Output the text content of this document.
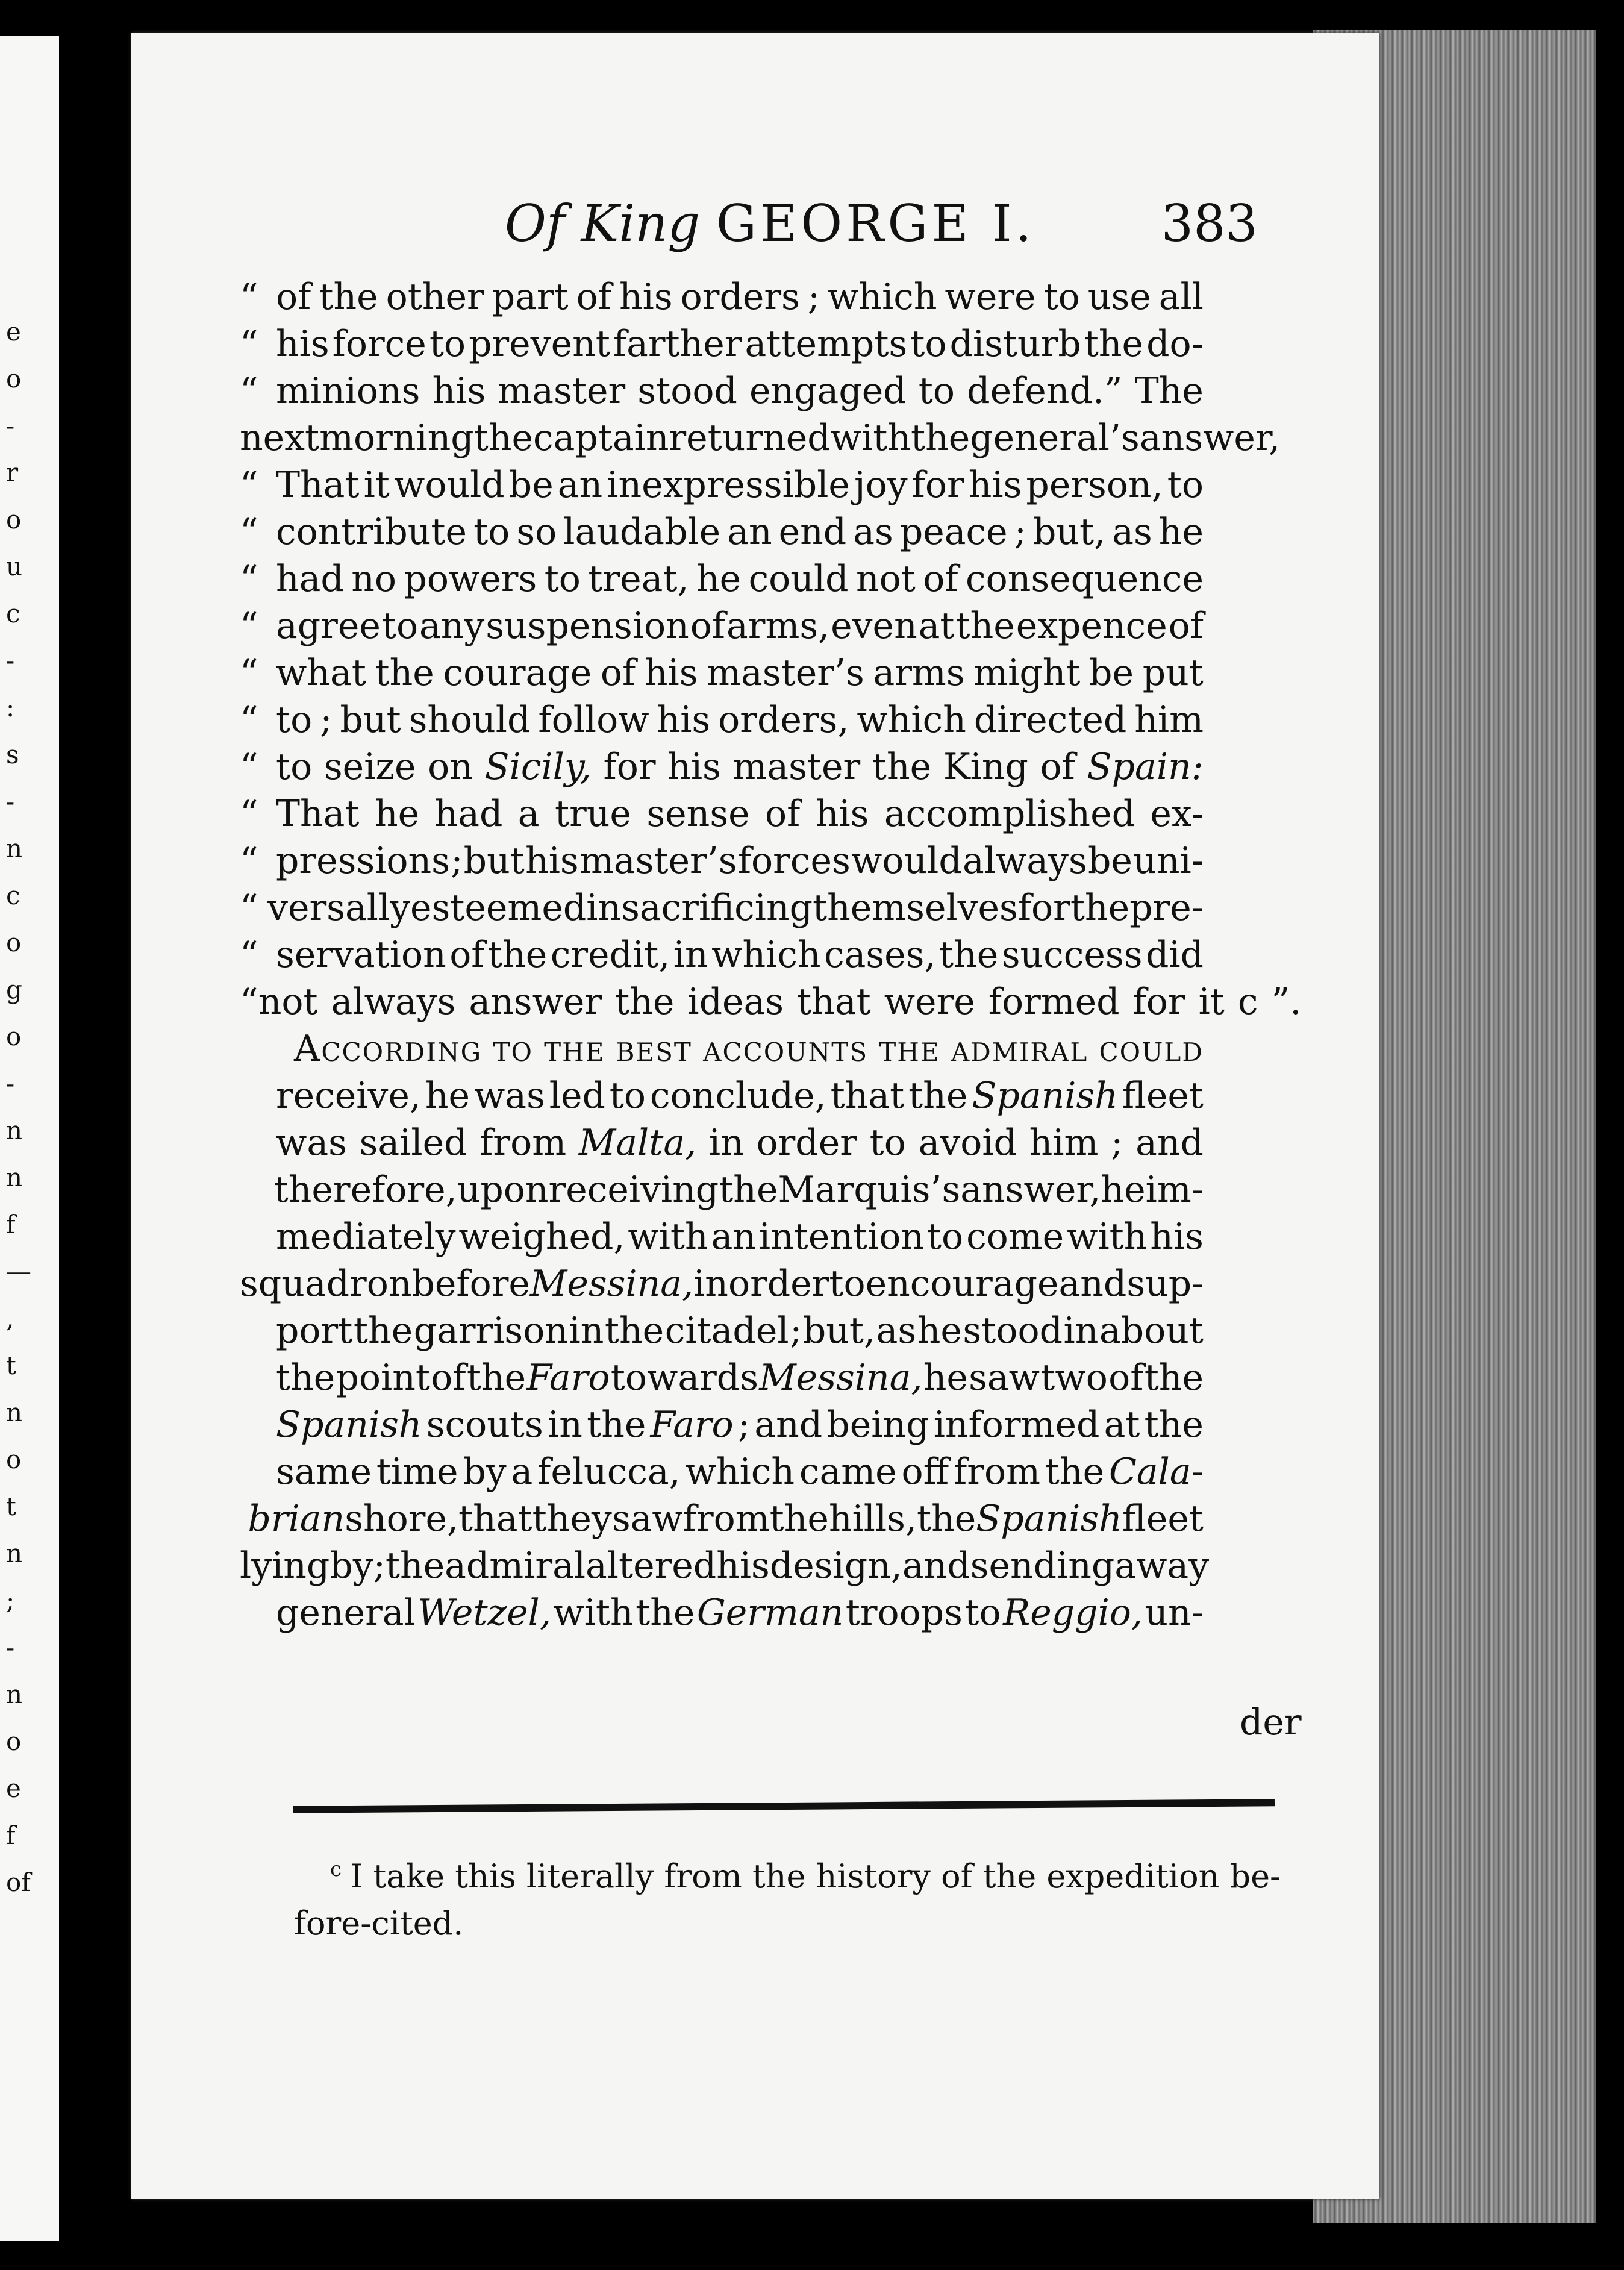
e
o
-
r
o
u
c
-
:
s
-
n
c
o
g
o
-
n
n
f
—
,
t
n
o
t
n
;
-
n
o
e
f
of
Of King GEORGE I. 383
“ of the other part of his orders ; which were to use all
“ his force to prevent farther attempts to disturb the do-
“ minions his master stood engaged to defend.” The
next morning the captain returned with the general’s answer,
“ That it would be an inexpressible joy for his person, to
“ contribute to so laudable an end as peace ; but, as he
“ had no powers to treat, he could not of consequence
“ agree to any suspension of arms, even at the expence of
“ what the courage of his master’s arms might be put
“ to ; but should follow his orders, which directed him
“ to seize on Sicily, for his master the King of Spain:
“ That he had a true sense of his accomplished ex-
“ pressions ; but his master’s forces would always be uni-
“ versally esteemed in sacrificing themselves for the pre-
“ servation of the credit, in which cases, the success did
“ not always answer the ideas that were formed for it c ”.
According to the best accounts the admiral could
receive, he was led to conclude, that the Spanish fleet
was sailed from Malta, in order to avoid him ; and
therefore, upon receiving the Marquis’s answer, he im-
mediately weighed, with an intention to come with his
squadron before Messina, in order to encourage and sup-
port the garrison in the citadel ; but, as he stood in about
the point of the Faro towards Messina, he saw two of the
Spanish scouts in the Faro ; and being informed at the
same time by a felucca, which came off from the Cala-
brian shore, that they saw from the hills, the Spanish fleet
lying by ; the admiral altered his design, and sending away
general Wetzel, with the German troops to Reggio, un-
der
$^c$ I take this literally from the history of the expedition be-
fore-cited.
